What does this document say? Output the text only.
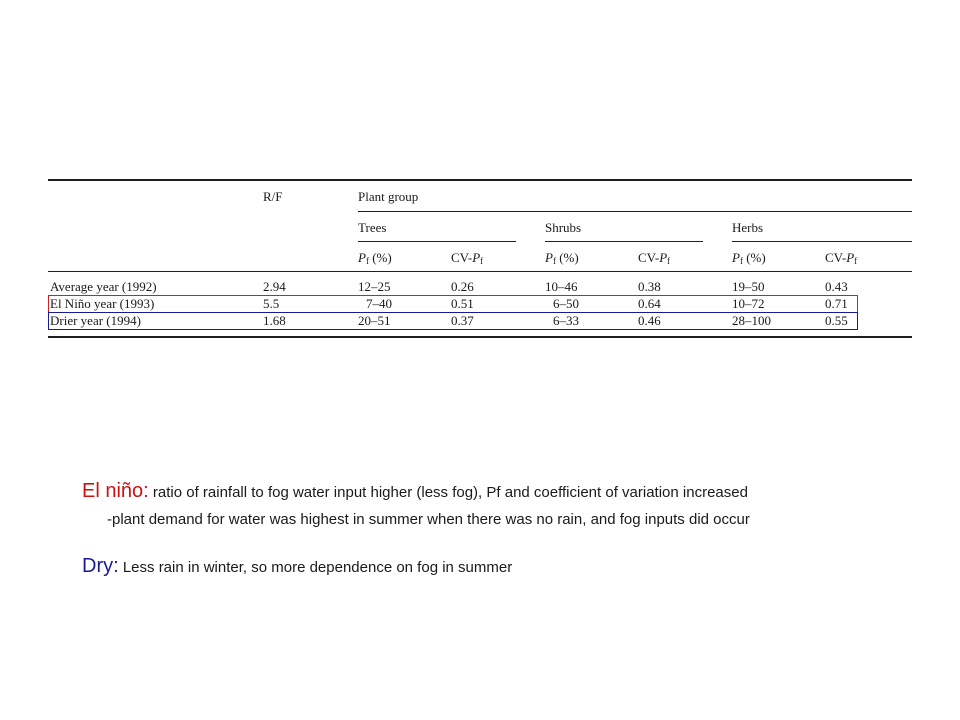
R/F	Plant group
Trees	Shrubs	Herbs
$P_f$ (%)	$CV-P_f$	$P_f$ (%)	$CV-P_f$	$P_f$ (%)	$CV-P_f$
Average year (1992)	2.94	12–25	0.26	10–46	0.38	19–50	0.43
El Niño year (1993)	5.5	7–40	0.51	6–50	0.64	10–72	0.71
Drier year (1994)	1.68	20–51	0.37	6–33	0.46	28–100	0.55
El niño: ratio of rainfall to fog water input higher (less fog), Pf and coefficient of variation increased
-plant demand for water was highest in summer when there was no rain, and fog inputs did occur
Dry: Less rain in winter, so more dependence on fog in summer
